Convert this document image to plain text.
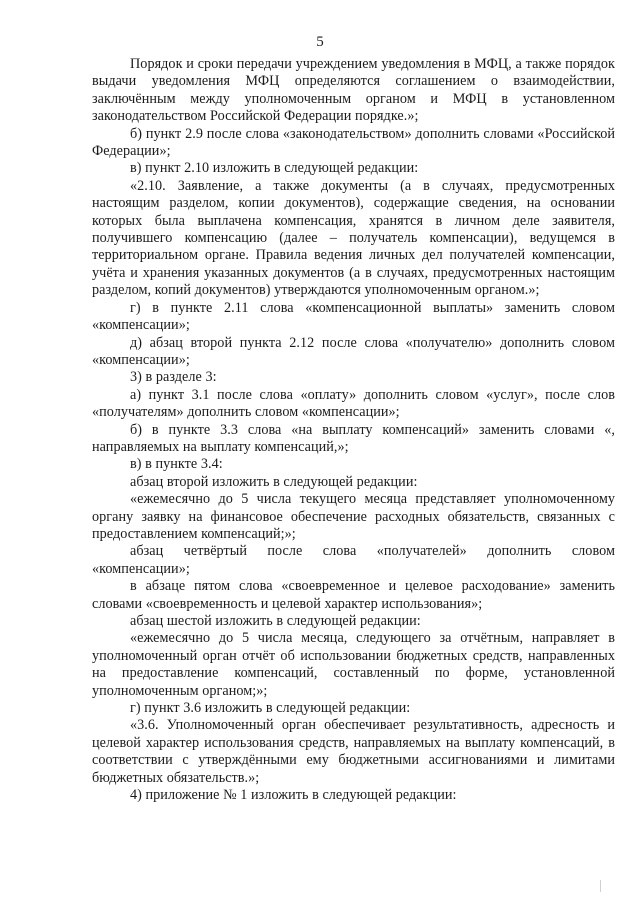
5

Порядок и сроки передачи учреждением уведомления в МФЦ, а также порядок выдачи уведомления МФЦ определяются соглашением о взаимодействии, заключённым между уполномоченным органом и МФЦ в установленном законодательством Российской Федерации порядке.»;

б) пункт 2.9 после слова «законодательством» дополнить словами «Российской Федерации»;

в) пункт 2.10 изложить в следующей редакции:

«2.10. Заявление, а также документы (а в случаях, предусмотренных настоящим разделом, копии документов), содержащие сведения, на основании которых была выплачена компенсация, хранятся в личном деле заявителя, получившего компенсацию (далее – получатель компенсации), ведущемся в территориальном органе. Правила ведения личных дел получателей компенсации, учёта и хранения указанных документов (а в случаях, предусмотренных настоящим разделом, копий документов) утверждаются уполномоченным органом.»;

г) в пункте 2.11 слова «компенсационной выплаты» заменить словом «компенсации»;

д) абзац второй пункта 2.12 после слова «получателю» дополнить словом «компенсации»;

3) в разделе 3:

а) пункт 3.1 после слова «оплату» дополнить словом «услуг», после слов «получателям» дополнить словом «компенсации»;

б) в пункте 3.3 слова «на выплату компенсаций» заменить словами «, направляемых на выплату компенсаций,»;

в) в пункте 3.4:

абзац второй изложить в следующей редакции:

«ежемесячно до 5 числа текущего месяца представляет уполномоченному органу заявку на финансовое обеспечение расходных обязательств, связанных с предоставлением компенсаций;»;

абзац четвёртый после слова «получателей» дополнить словом «компенсации»;

в абзаце пятом слова «своевременное и целевое расходование» заменить словами «своевременность и целевой характер использования»;

абзац шестой изложить в следующей редакции:

«ежемесячно до 5 числа месяца, следующего за отчётным, направляет в уполномоченный орган отчёт об использовании бюджетных средств, направленных на предоставление компенсаций, составленный по форме, установленной уполномоченным органом;»;

г) пункт 3.6 изложить в следующей редакции:

«3.6. Уполномоченный орган обеспечивает результативность, адресность и целевой характер использования средств, направляемых на выплату компенсаций, в соответствии с утверждёнными ему бюджетными ассигнованиями и лимитами бюджетных обязательств.»;

4) приложение № 1 изложить в следующей редакции:
